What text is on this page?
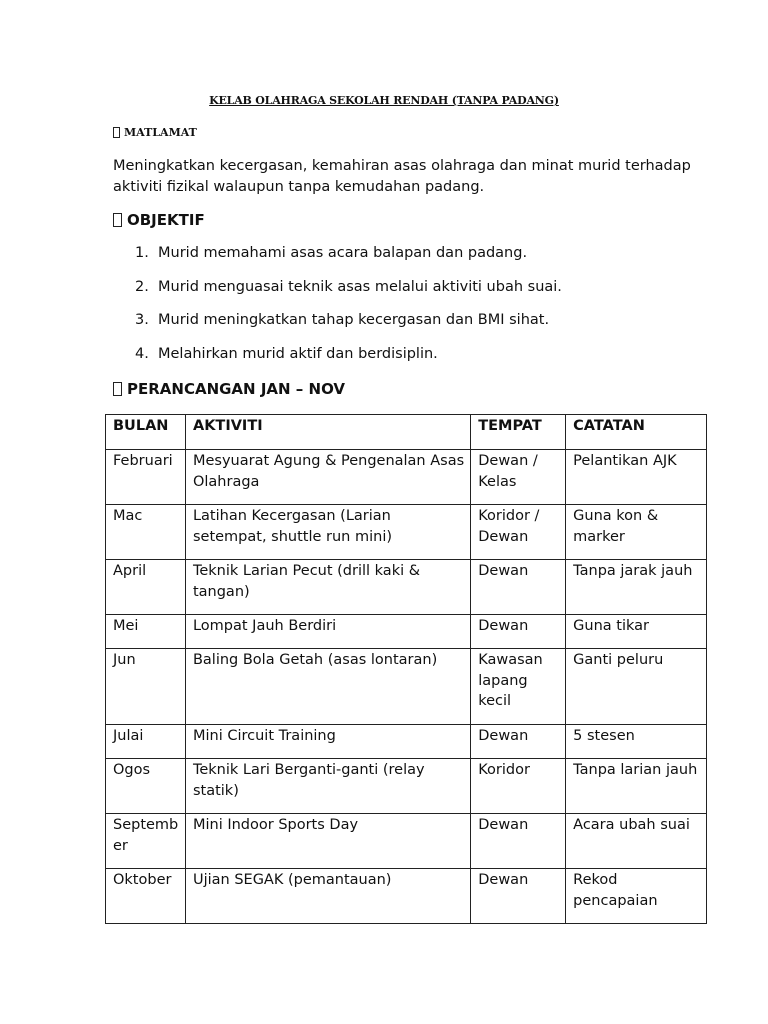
KELAB OLAHRAGA SEKOLAH RENDAH (TANPA PADANG)
MATLAMAT
Meningkatkan kecergasan, kemahiran asas olahraga dan minat murid terhadap aktiviti fizikal walaupun tanpa kemudahan padang.
OBJEKTIF
1. Murid memahami asas acara balapan dan padang.
2. Murid menguasai teknik asas melalui aktiviti ubah suai.
3. Murid meningkatkan tahap kecergasan dan BMI sihat.
4. Melahirkan murid aktif dan berdisiplin.
PERANCANGAN JAN – NOV
BULAN	AKTIVITI	TEMPAT	CATATAN
Februari	Mesyuarat Agung & Pengenalan Asas Olahraga	Dewan / Kelas	Pelantikan AJK
Mac	Latihan Kecergasan (Larian setempat, shuttle run mini)	Koridor / Dewan	Guna kon & marker
April	Teknik Larian Pecut (drill kaki & tangan)	Dewan	Tanpa jarak jauh
Mei	Lompat Jauh Berdiri	Dewan	Guna tikar
Jun	Baling Bola Getah (asas lontaran)	Kawasan lapang kecil	Ganti peluru
Julai	Mini Circuit Training	Dewan	5 stesen
Ogos	Teknik Lari Berganti-ganti (relay statik)	Koridor	Tanpa larian jauh
September	Mini Indoor Sports Day	Dewan	Acara ubah suai
Oktober	Ujian SEGAK (pemantauan)	Dewan	Rekod pencapaian
